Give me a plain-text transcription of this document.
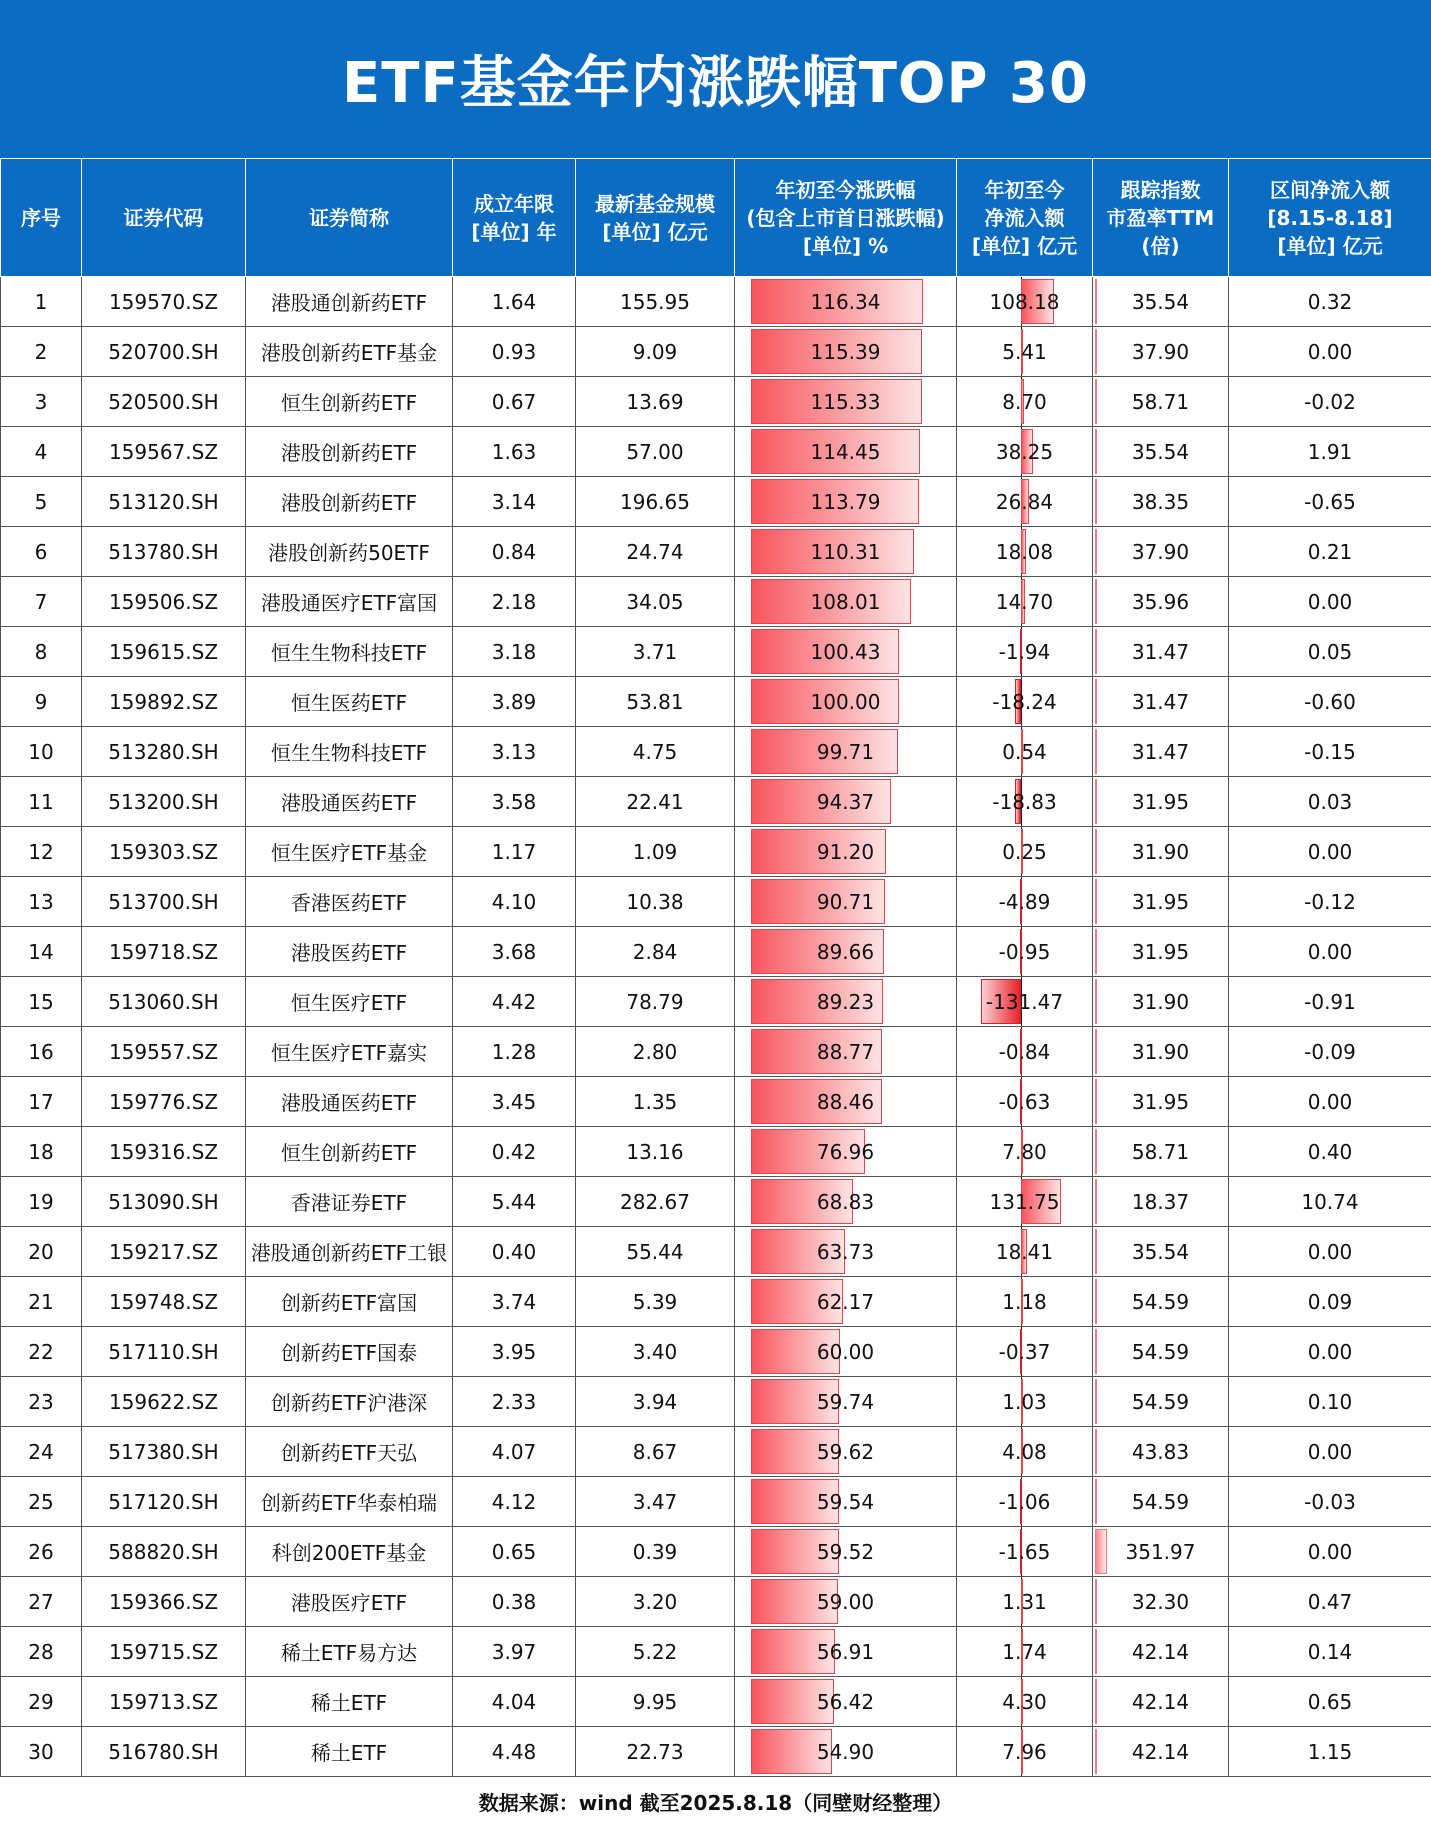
ETF基金年内涨跌幅TOP 30
序号	证券代码	证券简称	成立年限
[单位] 年	最新基金规模
[单位] 亿元	年初至今涨跌幅
(包含上市首日涨跌幅)
[单位] %	年初至今
净流入额
[单位] 亿元	跟踪指数
市盈率TTM
(倍)	区间净流入额
[8.15-8.18]
[单位] 亿元
1	159570.SZ	港股通创新药ETF	1.64	155.95	116.34	108.18	35.54	0.32
2	520700.SH	港股创新药ETF基金	0.93	9.09	115.39	5.41	37.90	0.00
3	520500.SH	恒生创新药ETF	0.67	13.69	115.33	8.70	58.71	-0.02
4	159567.SZ	港股创新药ETF	1.63	57.00	114.45	38.25	35.54	1.91
5	513120.SH	港股创新药ETF	3.14	196.65	113.79	26.84	38.35	-0.65
6	513780.SH	港股创新药50ETF	0.84	24.74	110.31	18.08	37.90	0.21
7	159506.SZ	港股通医疗ETF富国	2.18	34.05	108.01	14.70	35.96	0.00
8	159615.SZ	恒生生物科技ETF	3.18	3.71	100.43	-1.94	31.47	0.05
9	159892.SZ	恒生医药ETF	3.89	53.81	100.00	-18.24	31.47	-0.60
10	513280.SH	恒生生物科技ETF	3.13	4.75	99.71	0.54	31.47	-0.15
11	513200.SH	港股通医药ETF	3.58	22.41	94.37	-18.83	31.95	0.03
12	159303.SZ	恒生医疗ETF基金	1.17	1.09	91.20	0.25	31.90	0.00
13	513700.SH	香港医药ETF	4.10	10.38	90.71	-4.89	31.95	-0.12
14	159718.SZ	港股医药ETF	3.68	2.84	89.66	-0.95	31.95	0.00
15	513060.SH	恒生医疗ETF	4.42	78.79	89.23	-131.47	31.90	-0.91
16	159557.SZ	恒生医疗ETF嘉实	1.28	2.80	88.77	-0.84	31.90	-0.09
17	159776.SZ	港股通医药ETF	3.45	1.35	88.46	-0.63	31.95	0.00
18	159316.SZ	恒生创新药ETF	0.42	13.16	76.96	7.80	58.71	0.40
19	513090.SH	香港证券ETF	5.44	282.67	68.83	131.75	18.37	10.74
20	159217.SZ	港股通创新药ETF工银	0.40	55.44	63.73	18.41	35.54	0.00
21	159748.SZ	创新药ETF富国	3.74	5.39	62.17	1.18	54.59	0.09
22	517110.SH	创新药ETF国泰	3.95	3.40	60.00	-0.37	54.59	0.00
23	159622.SZ	创新药ETF沪港深	2.33	3.94	59.74	1.03	54.59	0.10
24	517380.SH	创新药ETF天弘	4.07	8.67	59.62	4.08	43.83	0.00
25	517120.SH	创新药ETF华泰柏瑞	4.12	3.47	59.54	-1.06	54.59	-0.03
26	588820.SH	科创200ETF基金	0.65	0.39	59.52	-1.65	351.97	0.00
27	159366.SZ	港股医疗ETF	0.38	3.20	59.00	1.31	32.30	0.47
28	159715.SZ	稀土ETF易方达	3.97	5.22	56.91	1.74	42.14	0.14
29	159713.SZ	稀土ETF	4.04	9.95	56.42	4.30	42.14	0.65
30	516780.SH	稀土ETF	4.48	22.73	54.90	7.96	42.14	1.15
数据来源：wind 截至2025.8.18（同壁财经整理）
